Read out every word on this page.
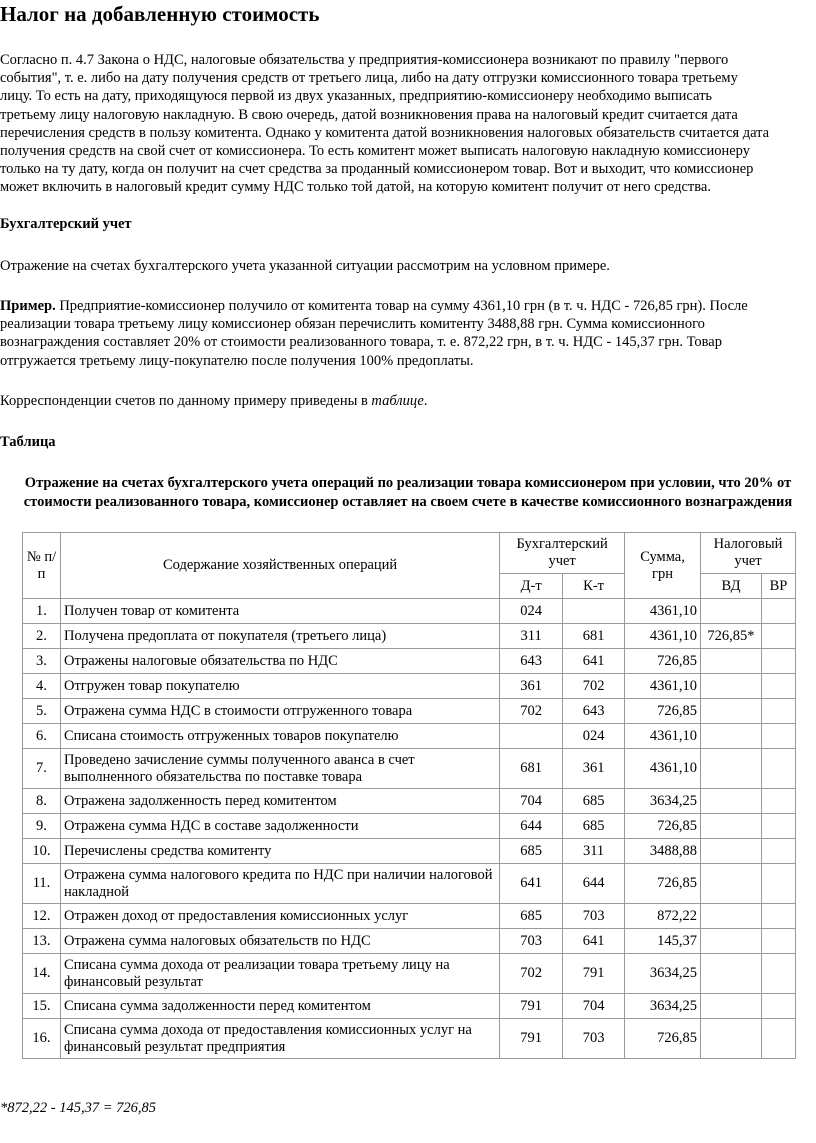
Налог на добавленную стоимость
Согласно п. 4.7 Закона о НДС, налоговые обязательства у предприятия-комиссионера возникают по правилу "первого
события", т. е. либо на дату получения средств от третьего лица, либо на дату отгрузки комиссионного товара третьему
лицу. То есть на дату, приходящуюся первой из двух указанных, предприятию-комиссионеру необходимо выписать
третьему лицу налоговую накладную. В свою очередь, датой возникновения права на налоговый кредит считается дата
перечисления средств в пользу комитента. Однако у комитента датой возникновения налоговых обязательств считается дата
получения средств на свой счет от комиссионера. То есть комитент может выписать налоговую накладную комиссионеру
только на ту дату, когда он получит на счет средства за проданный комиссионером товар. Вот и выходит, что комиссионер
может включить в налоговый кредит сумму НДС только той датой, на которую комитент получит от него средства.
Бухгалтерский учет
Отражение на счетах бухгалтерского учета указанной ситуации рассмотрим на условном примере.
Пример. Предприятие-комиссионер получило от комитента товар на сумму 4361,10 грн (в т. ч. НДС - 726,85 грн). После
реализации товара третьему лицу комиссионер обязан перечислить комитенту 3488,88 грн. Сумма комиссионного
вознаграждения составляет 20% от стоимости реализованного товара, т. е. 872,22 грн, в т. ч. НДС - 145,37 грн. Товар
отгружается третьему лицу-покупателю после получения 100% предоплаты.
Корреспонденции счетов по данному примеру приведены в таблице.
Таблица
Отражение на счетах бухгалтерского учета операций по реализации товара комиссионером при условии, что 20% от
стоимости реализованного товара, комиссионер оставляет на своем счете в качестве комиссионного вознаграждения
№ п/п	Содержание хозяйственных операций	Бухгалтерский учет		Сумма, грн	Налоговый учет	
		Д-т	К-т		ВД	ВР
1.	Получен товар от комитента	024		4361,10		
2.	Получена предоплата от покупателя (третьего лица)	311	681	4361,10	726,85*	
3.	Отражены налоговые обязательства по НДС	643	641	726,85		
4.	Отгружен товар покупателю	361	702	4361,10		
5.	Отражена сумма НДС в стоимости отгруженного товара	702	643	726,85		
6.	Списана стоимость отгруженных товаров покупателю		024	4361,10		
7.	Проведено зачисление суммы полученного аванса в счет выполненного обязательства по поставке товара	681	361	4361,10		
8.	Отражена задолженность перед комитентом	704	685	3634,25		
9.	Отражена сумма НДС в составе задолженности	644	685	726,85		
10.	Перечислены средства комитенту	685	311	3488,88		
11.	Отражена сумма налогового кредита по НДС при наличии налоговой накладной	641	644	726,85		
12.	Отражен доход от предоставления комиссионных услуг	685	703	872,22		
13.	Отражена сумма налоговых обязательств по НДС	703	641	145,37		
14.	Списана сумма дохода от реализации товара третьему лицу на финансовый результат	702	791	3634,25		
15.	Списана сумма задолженности перед комитентом	791	704	3634,25		
16.	Списана сумма дохода от предоставления комиссионных услуг на финансовый результат предприятия	791	703	726,85		
*872,22 - 145,37 = 726,85
